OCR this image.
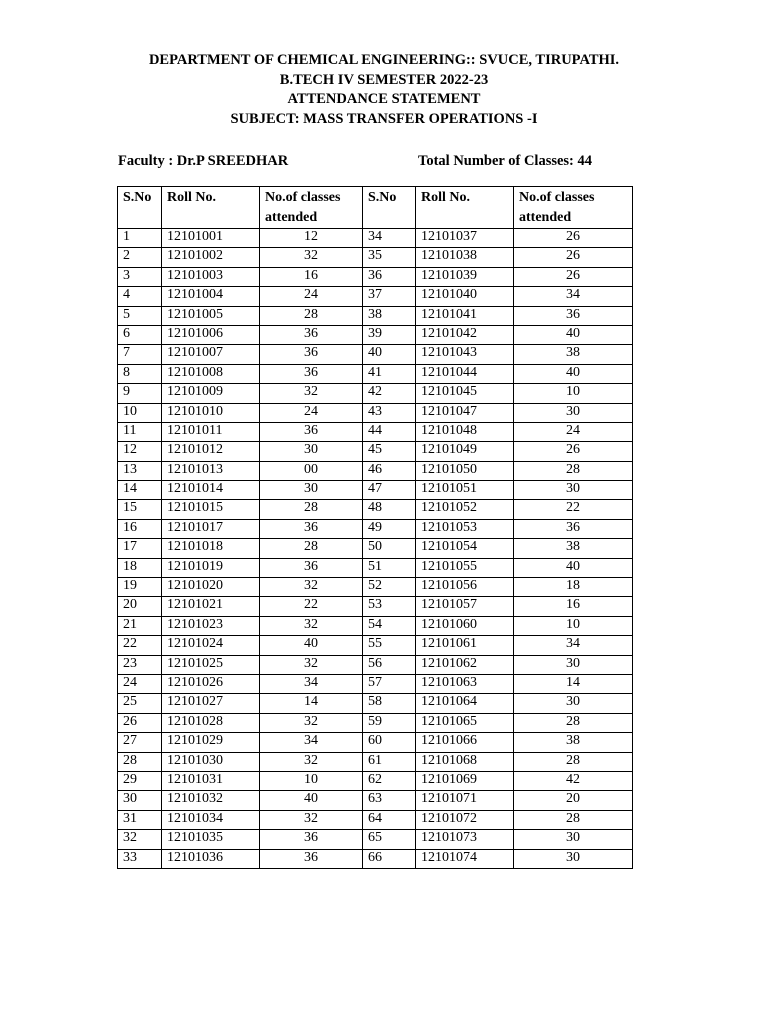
DEPARTMENT OF CHEMICAL ENGINEERING:: SVUCE, TIRUPATHI.
B.TECH IV SEMESTER 2022-23
ATTENDANCE STATEMENT
SUBJECT: MASS TRANSFER OPERATIONS -I
Faculty : Dr.P SREEDHAR	Total Number of Classes: 44
S.No	Roll No.	No.of classes attended	S.No	Roll No.	No.of classes attended
1	12101001	12	34	12101037	26
2	12101002	32	35	12101038	26
3	12101003	16	36	12101039	26
4	12101004	24	37	12101040	34
5	12101005	28	38	12101041	36
6	12101006	36	39	12101042	40
7	12101007	36	40	12101043	38
8	12101008	36	41	12101044	40
9	12101009	32	42	12101045	10
10	12101010	24	43	12101047	30
11	12101011	36	44	12101048	24
12	12101012	30	45	12101049	26
13	12101013	00	46	12101050	28
14	12101014	30	47	12101051	30
15	12101015	28	48	12101052	22
16	12101017	36	49	12101053	36
17	12101018	28	50	12101054	38
18	12101019	36	51	12101055	40
19	12101020	32	52	12101056	18
20	12101021	22	53	12101057	16
21	12101023	32	54	12101060	10
22	12101024	40	55	12101061	34
23	12101025	32	56	12101062	30
24	12101026	34	57	12101063	14
25	12101027	14	58	12101064	30
26	12101028	32	59	12101065	28
27	12101029	34	60	12101066	38
28	12101030	32	61	12101068	28
29	12101031	10	62	12101069	42
30	12101032	40	63	12101071	20
31	12101034	32	64	12101072	28
32	12101035	36	65	12101073	30
33	12101036	36	66	12101074	30
